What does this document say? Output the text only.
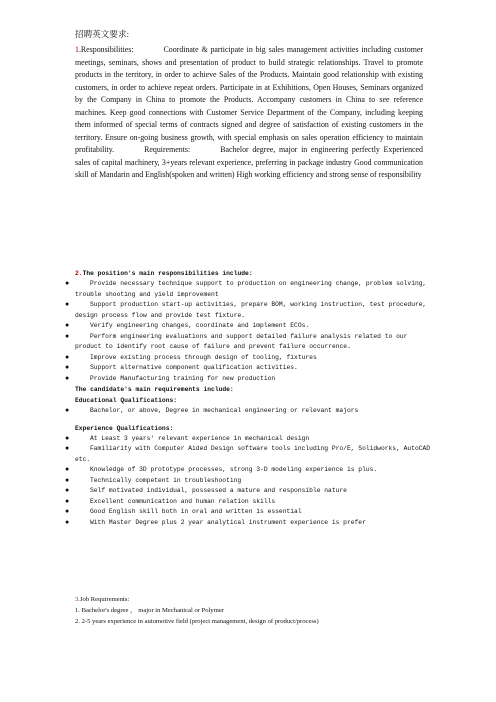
招聘英文要求:
1.Responsibilities:	Coordinate & participate in big sales management activities including customer meetings, seminars, shows and presentation of product to build strategic relationships. Travel to promote products in the territory, in order to achieve Sales of the Products. Maintain good relationship with existing customers, in order to achieve repeat orders. Participate in at Exhibitions, Open Houses, Seminars organized by the Company in China to promote the Products. Accompany customers in China to see reference machines. Keep good connections with Customer Service Department of the Company, including keeping them informed of special terms of contracts signed and degree of satisfaction of existing customers in the territory. Ensure on-going business growth, with special emphasis on sales operation efficiency to maintain profitability.	Requirements:	Bachelor degree, major in engineering perfectly Experienced sales of capital machinery, 3+years relevant experience, preferring in package industry Good communication skill of Mandarin and English(spoken and written) High working efficiency and strong sense of responsibility
2.The position's main responsibilities include:
●	Provide necessary technique support to production on engineering change, problem solving, trouble shooting and yield improvement
●	Support production start-up activities, prepare BOM, working instruction, test procedure, design process flow and provide test fixture.
●	Verify engineering changes, coordinate and implement ECOs.
●	Perform engineering evaluations and support detailed failure analysis related to our product to identify root cause of failure and prevent failure occurrence.
●	Improve existing process through design of tooling, fixtures
●	Support alternative component qualification activities.
●	Provide Manufacturing training for new production
The candidate's main requirements include:
Educational Qualifications:
●	Bachelor, or above, Degree in mechanical engineering or relevant majors
Experience Qualifications:
●	At Least 3 years' relevant experience in mechanical design
●	Familiarity with Computer Aided Design software tools including Pro/E, Solidworks, AutoCAD etc.
●	Knowledge of 3D prototype processes, strong 3-D modeling experience is plus.
●	Technically competent in troubleshooting
●	Self motivated individual, possessed a mature and responsible nature
●	Excellent communication and human relation skills
●	Good English skill both in oral and written is essential
●	With Master Degree plus 2 year analytical instrument experience is prefer
3.Job Requirements:
1. Bachelor's degree ， major in Mechanical or Polymer
2. 2-5 years experience in automotive field (project management, design of product/process)
